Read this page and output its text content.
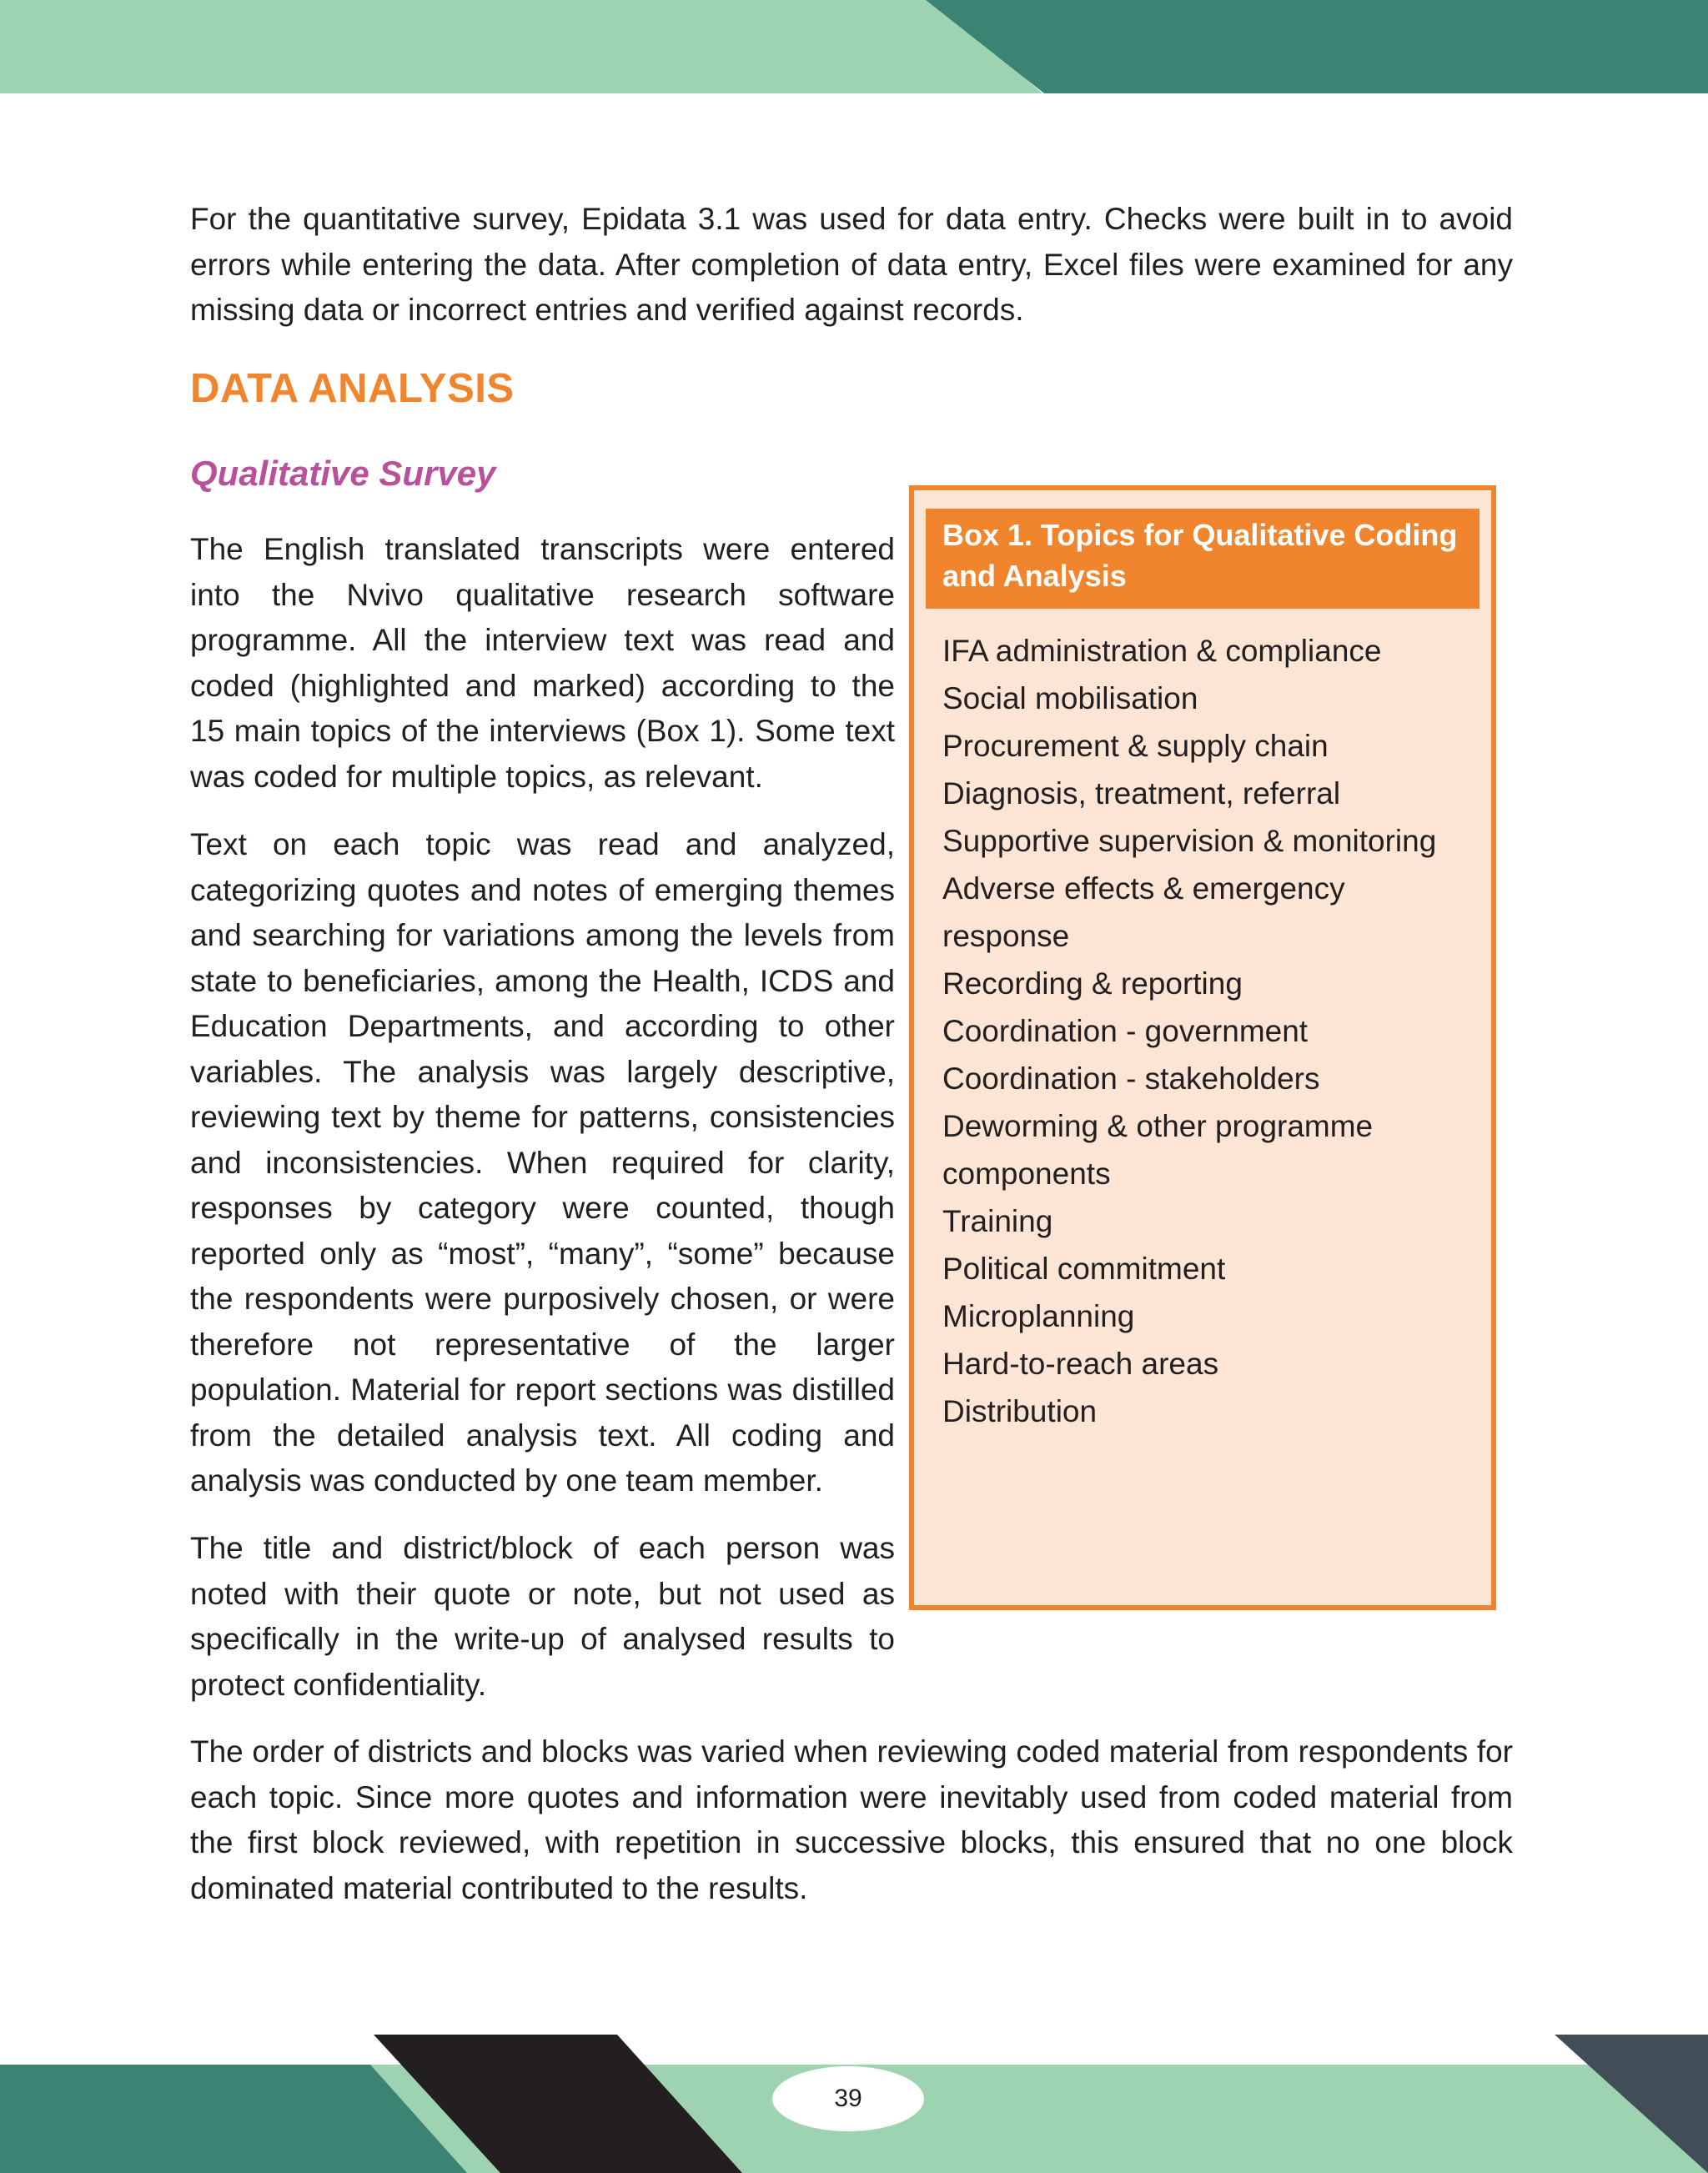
For the quantitative survey, Epidata 3.1 was used for data entry. Checks were built in to avoid errors while entering the data. After completion of data entry, Excel files were examined for any missing data or incorrect entries and verified against records.

DATA ANALYSIS
Qualitative Survey

The English translated transcripts were entered into the Nvivo qualitative research software programme. All the interview text was read and coded (highlighted and marked) according to the 15 main topics of the interviews (Box 1). Some text was coded for multiple topics, as relevant.

Text on each topic was read and analyzed, categorizing quotes and notes of emerging themes and searching for variations among the levels from state to beneficiaries, among the Health, ICDS and Education Departments, and according to other variables. The analysis was largely descriptive, reviewing text by theme for patterns, consistencies and inconsistencies. When required for clarity, responses by category were counted, though reported only as “most”, “many”, “some” because the respondents were purposively chosen, or were therefore not representative of the larger population. Material for report sections was distilled from the detailed analysis text. All coding and analysis was conducted by one team member.

The title and district/block of each person was noted with their quote or note, but not used as specifically in the write-up of analysed results to protect confidentiality.

Box 1. Topics for Qualitative Coding and Analysis
IFA administration & compliance
Social mobilisation
Procurement & supply chain
Diagnosis, treatment, referral
Supportive supervision & monitoring
Adverse effects & emergency response
Recording & reporting
Coordination - government
Coordination - stakeholders
Deworming & other programme components
Training
Political commitment
Microplanning
Hard-to-reach areas
Distribution

The order of districts and blocks was varied when reviewing coded material from respondents for each topic. Since more quotes and information were inevitably used from coded material from the first block reviewed, with repetition in successive blocks, this ensured that no one block dominated material contributed to the results.

39
